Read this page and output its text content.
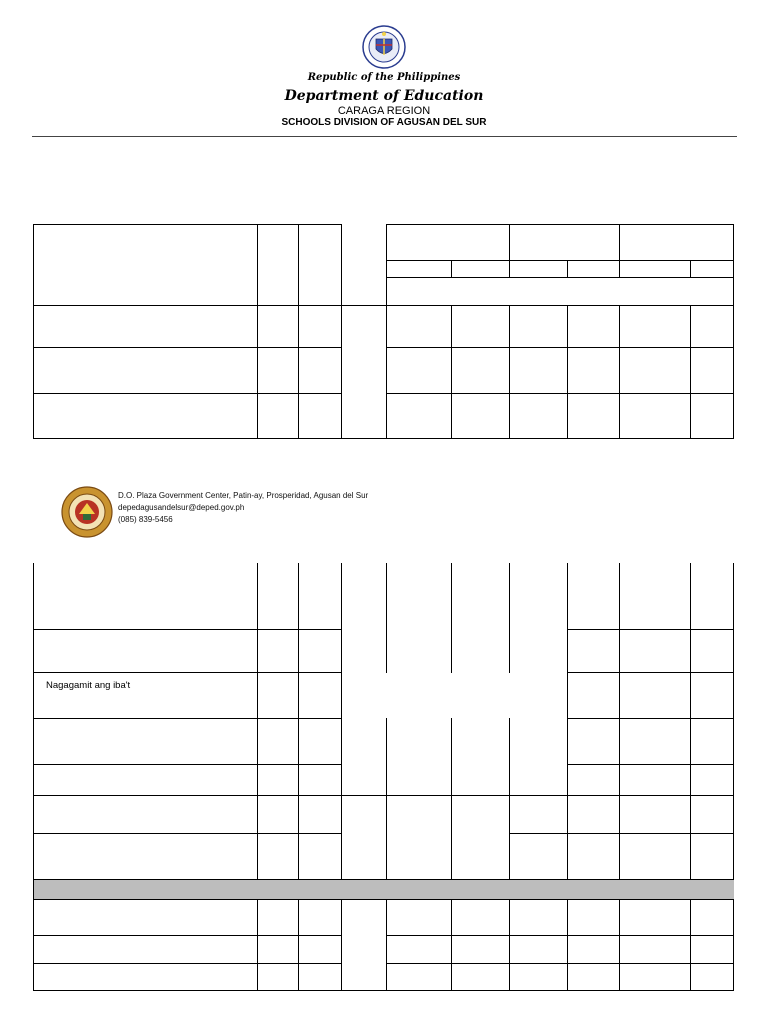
Republic of the Philippines
Department of Education
CARAGA REGION
SCHOOLS DIVISION OF AGUSAN DEL SUR
D.O. Plaza Government Center, Patin-ay, Prosperidad, Agusan del Sur
depedagusandelsur@deped.gov.ph
(085) 839-5456
Nagagamit ang iba't
